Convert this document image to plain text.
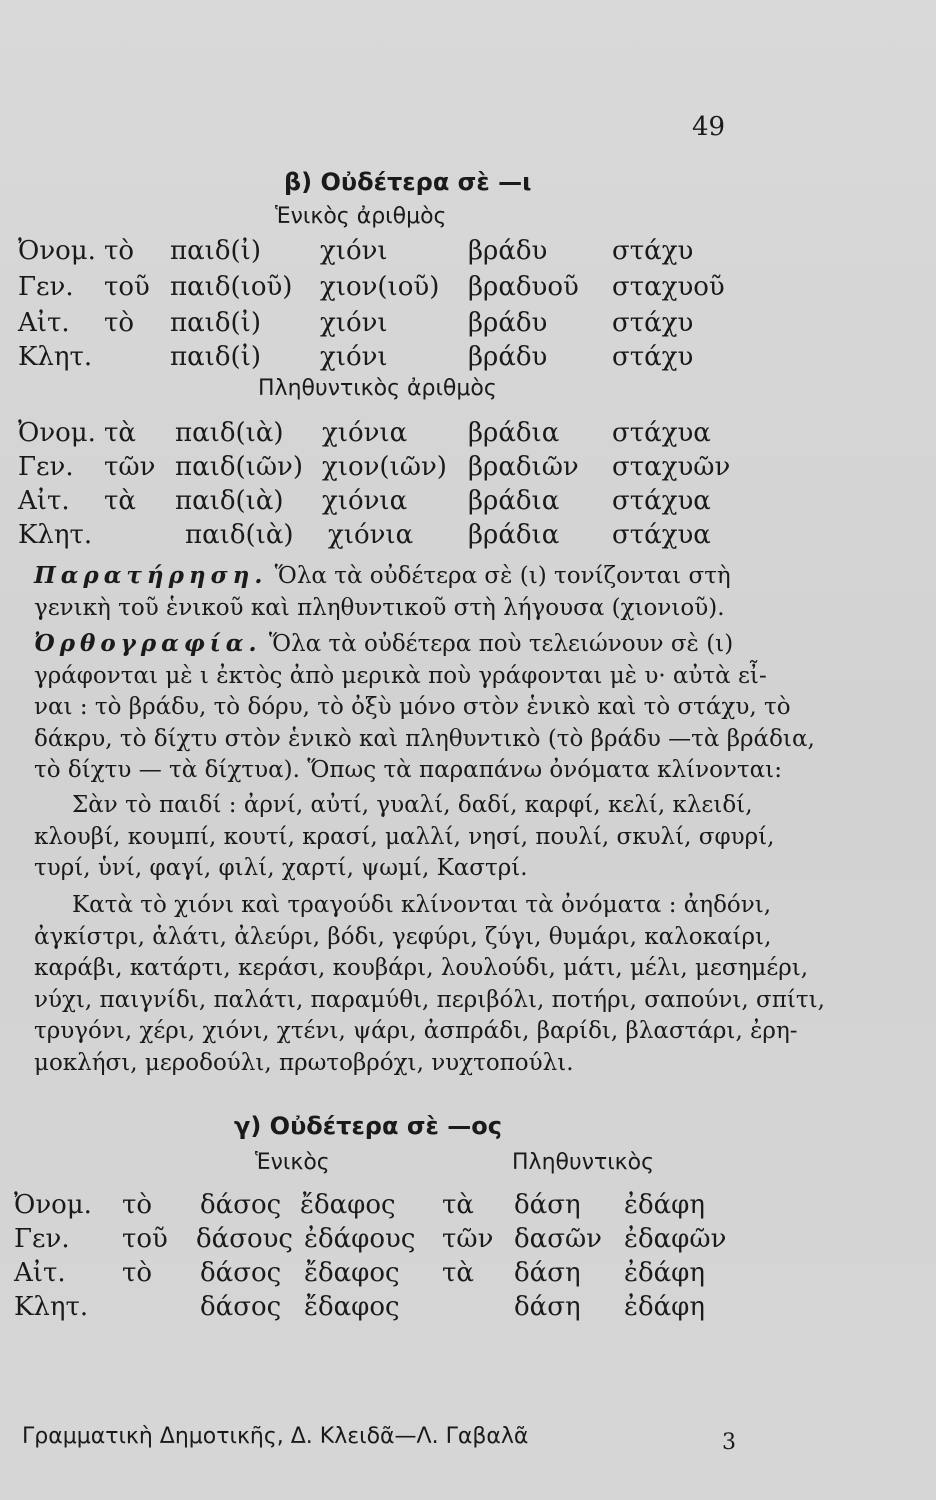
49
β) Οὐδέτερα σὲ —ι
Ἑνικὸς ἀριθμὸς
Ὀνομ. τὸ παιδ(ἰ) χιόνι	βράδυ στάχυ
Γεν. τοῦ παιδ(ιοῦ) χιον(ιοῦ) βραδυοῦ σταχυοῦ
Αἰτ. τὸ παιδ(ἰ) χιόνι	βράδυ στάχυ
Κλητ.	παιδ(ἰ) χιόνι	βράδυ στάχυ
Πληθυντικὸς ἀριθμὸς
Ὀνομ. τὰ παιδ(ιὰ) χιόνια βράδια στάχυα
Γεν. τῶν παιδ(ιῶν) χιον(ιῶν) βραδιῶν σταχυῶν
Αἰτ. τὰ παιδ(ιὰ) χιόνια βράδια στάχυα
Κλητ.	παιδ(ιὰ) χιόνια βράδια στάχυα
Παρατήρηση. Ὅλα τὰ οὐδέτερα σὲ (ι) τονίζονται στὴ
γενικὴ τοῦ ἑνικοῦ καὶ πληθυντικοῦ στὴ λήγουσα (χιονιοῦ).
Ὀρθογραφία. Ὅλα τὰ οὐδέτερα ποὺ τελειώνουν σὲ (ι)
γράφονται μὲ ι ἐκτὸς ἀπὸ μερικὰ ποὺ γράφονται μὲ υ· αὐτὰ εἶ-
ναι : τὸ βράδυ, τὸ δόρυ, τὸ ὀξὺ μόνο στὸν ἑνικὸ καὶ τὸ στάχυ, τὸ
δάκρυ, τὸ δίχτυ στὸν ἑνικὸ καὶ πληθυντικὸ (τὸ βράδυ —τὰ βράδια,
τὸ δίχτυ — τὰ δίχτυα). Ὅπως τὰ παραπάνω ὀνόματα κλίνονται:
Σὰν τὸ παιδί : ἀρνί, αὐτί, γυαλί, δαδί, καρφί, κελί, κλειδί,
κλουβί, κουμπί, κουτί, κρασί, μαλλί, νησί, πουλί, σκυλί, σφυρί,
τυρί, ὑνί, φαγί, φιλί, χαρτί, ψωμί, Καστρί.
Κατὰ τὸ χιόνι καὶ τραγούδι κλίνονται τὰ ὀνόματα : ἀηδόνι,
ἀγκίστρι, ἁλάτι, ἀλεύρι, βόδι, γεφύρι, ζύγι, θυμάρι, καλοκαίρι,
καράβι, κατάρτι, κεράσι, κουβάρι, λουλούδι, μάτι, μέλι, μεσημέρι,
νύχι, παιγνίδι, παλάτι, παραμύθι, περιβόλι, ποτήρι, σαπούνι, σπίτι,
τρυγόνι, χέρι, χιόνι, χτένι, ψάρι, ἀσπράδι, βαρίδι, βλαστάρι, ἐρη-
μοκλήσι, μεροδούλι, πρωτοβρόχι, νυχτοπούλι.
γ) Οὐδέτερα σὲ —ος
Ἑνικὸς	Πληθυντικὸς
Ὀνομ. τὸ δάσος ἔδαφος τὰ δάση ἐδάφη
Γεν. τοῦ δάσους ἐδάφους τῶν δασῶν ἐδαφῶν
Αἰτ. τὸ δάσος ἔδαφος τὰ δάση ἐδάφη
Κλητ.	δάσος ἔδαφος	δάση ἐδάφη
Γραμματικὴ Δημοτικῆς, Δ. Κλειδᾶ—Λ. Γαβαλᾶ	3
